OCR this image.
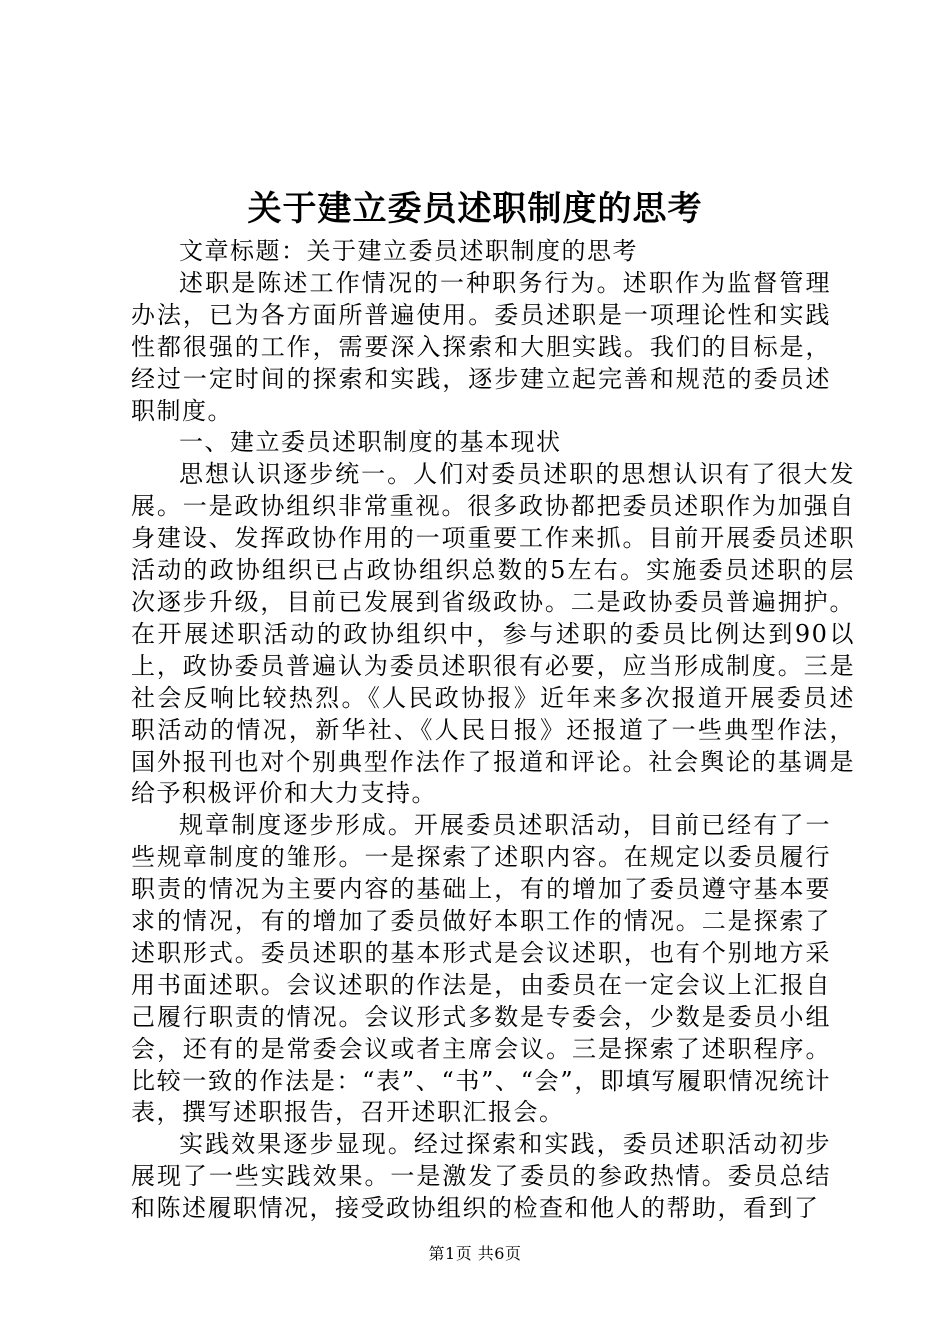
关于建立委员述职制度的思考

文章标题：关于建立委员述职制度的思考

述职是陈述工作情况的一种职务行为。述职作为监督管理办法，已为各方面所普遍使用。委员述职是一项理论性和实践性都很强的工作，需要深入探索和大胆实践。我们的目标是，经过一定时间的探索和实践，逐步建立起完善和规范的委员述职制度。

一、建立委员述职制度的基本现状

思想认识逐步统一。人们对委员述职的思想认识有了很大发展。一是政协组织非常重视。很多政协都把委员述职作为加强自身建设、发挥政协作用的一项重要工作来抓。目前开展委员述职活动的政协组织已占政协组织总数的5左右。实施委员述职的层次逐步升级，目前已发展到省级政协。二是政协委员普遍拥护。在开展述职活动的政协组织中，参与述职的委员比例达到90以上，政协委员普遍认为委员述职很有必要，应当形成制度。三是社会反响比较热烈。《人民政协报》近年来多次报道开展委员述职活动的情况，新华社、《人民日报》还报道了一些典型作法，国外报刊也对个别典型作法作了报道和评论。社会舆论的基调是给予积极评价和大力支持。

规章制度逐步形成。开展委员述职活动，目前已经有了一些规章制度的雏形。一是探索了述职内容。在规定以委员履行职责的情况为主要内容的基础上，有的增加了委员遵守基本要求的情况，有的增加了委员做好本职工作的情况。二是探索了述职形式。委员述职的基本形式是会议述职，也有个别地方采用书面述职。会议述职的作法是，由委员在一定会议上汇报自己履行职责的情况。会议形式多数是专委会，少数是委员小组会，还有的是常委会议或者主席会议。三是探索了述职程序。比较一致的作法是：“表”、“书”、“会”，即填写履职情况统计表，撰写述职报告，召开述职汇报会。

实践效果逐步显现。经过探索和实践，委员述职活动初步展现了一些实践效果。一是激发了委员的参政热情。委员总结和陈述履职情况，接受政协组织的检查和他人的帮助，看到了

第1页 共6页
